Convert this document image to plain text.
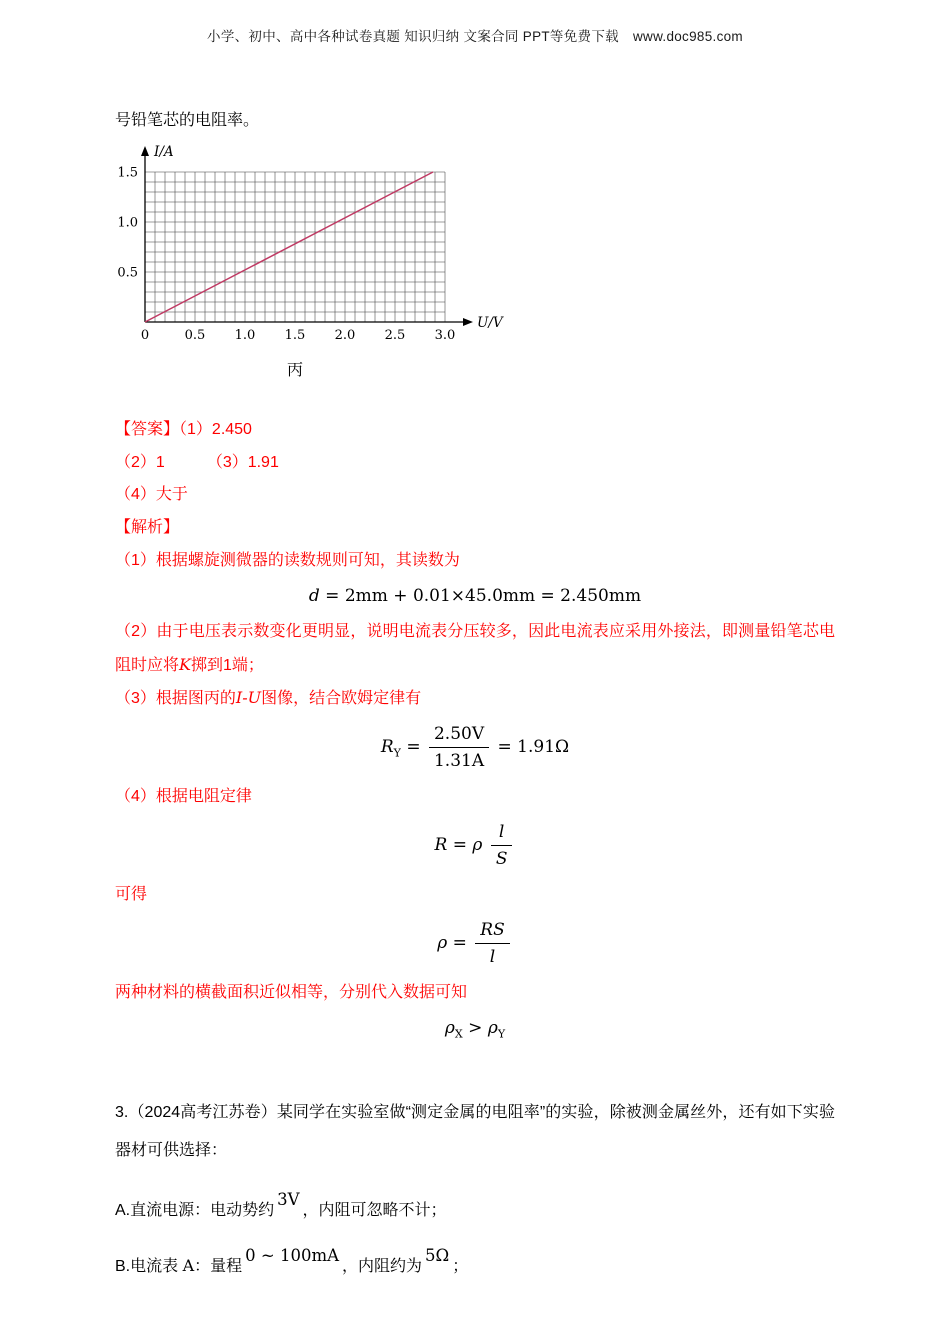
小学、初中、高中各种试卷真题 知识归纳 文案合同 PPT等免费下载 www.doc985.com

号铅笔芯的电阻率。

0	0.5 1.0 1.5 2.0 2.5 3.0
0.5
1.0
1.5
I/A
U/V
丙

【答案】（1）2.450

（2）1	（3）1.91

（4）大于

【解析】

（1）根据螺旋测微器的读数规则可知，其读数为

d = 2mm + 0.01×45.0mm = 2.450mm

（2）由于电压表示数变化更明显，说明电流表分压较多，因此电流表应采用外接法，即测量铅笔芯电阻时应将K掷到1端；

（3）根据图丙的I-U图像，结合欧姆定律有

$R_Y = \frac{2.50V}{1.31A} = 1.91\Omega$

（4）根据电阻定律

R = ρ $\frac{l}{S}$

可得

$\rho = \frac{RS}{l}$

两种材料的横截面积近似相等，分别代入数据可知

$\rho_X > \rho_Y$

3.（2024高考江苏卷）某同学在实验室做“测定金属的电阻率”的实验，除被测金属丝外，还有如下实验器材可供选择：

A.直流电源：电动势约3V，内阻可忽略不计；

B.电流表 A：量程0 ~ 100mA，内阻约为5Ω；
